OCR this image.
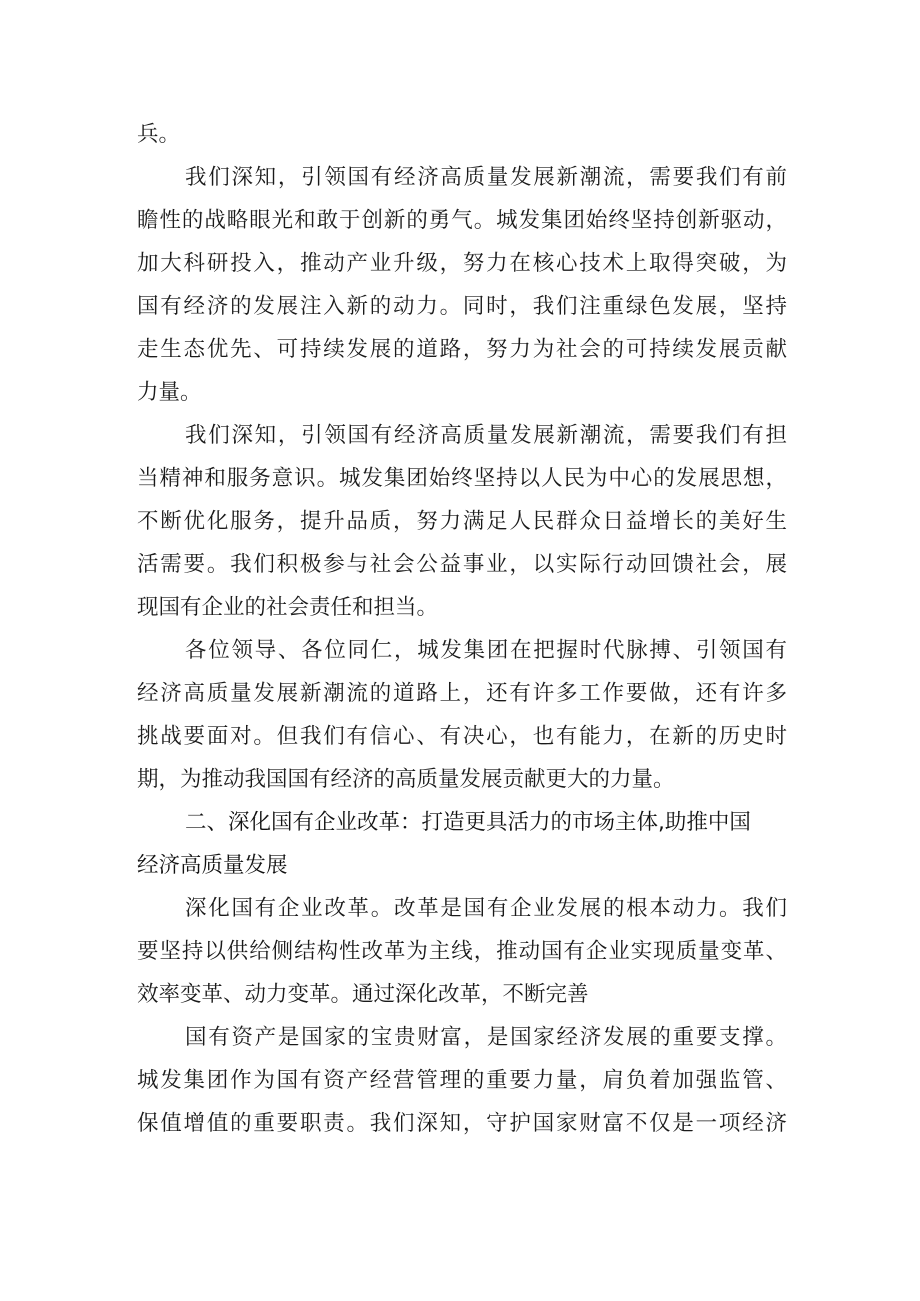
兵。
我们深知，引领国有经济高质量发展新潮流，需要我们有前
瞻性的战略眼光和敢于创新的勇气。城发集团始终坚持创新驱动，
加大科研投入，推动产业升级，努力在核心技术上取得突破，为
国有经济的发展注入新的动力。同时，我们注重绿色发展，坚持
走生态优先、可持续发展的道路，努力为社会的可持续发展贡献
力量。
我们深知，引领国有经济高质量发展新潮流，需要我们有担
当精神和服务意识。城发集团始终坚持以人民为中心的发展思想，
不断优化服务，提升品质，努力满足人民群众日益增长的美好生
活需要。我们积极参与社会公益事业，以实际行动回馈社会，展
现国有企业的社会责任和担当。
各位领导、各位同仁，城发集团在把握时代脉搏、引领国有
经济高质量发展新潮流的道路上，还有许多工作要做，还有许多
挑战要面对。但我们有信心、有决心，也有能力，在新的历史时
期，为推动我国国有经济的高质量发展贡献更大的力量。
二、深化国有企业改革：打造更具活力的市场主体,助推中国
经济高质量发展
深化国有企业改革。改革是国有企业发展的根本动力。我们
要坚持以供给侧结构性改革为主线，推动国有企业实现质量变革、
效率变革、动力变革。通过深化改革，不断完善
国有资产是国家的宝贵财富，是国家经济发展的重要支撑。
城发集团作为国有资产经营管理的重要力量，肩负着加强监管、
保值增值的重要职责。我们深知，守护国家财富不仅是一项经济
